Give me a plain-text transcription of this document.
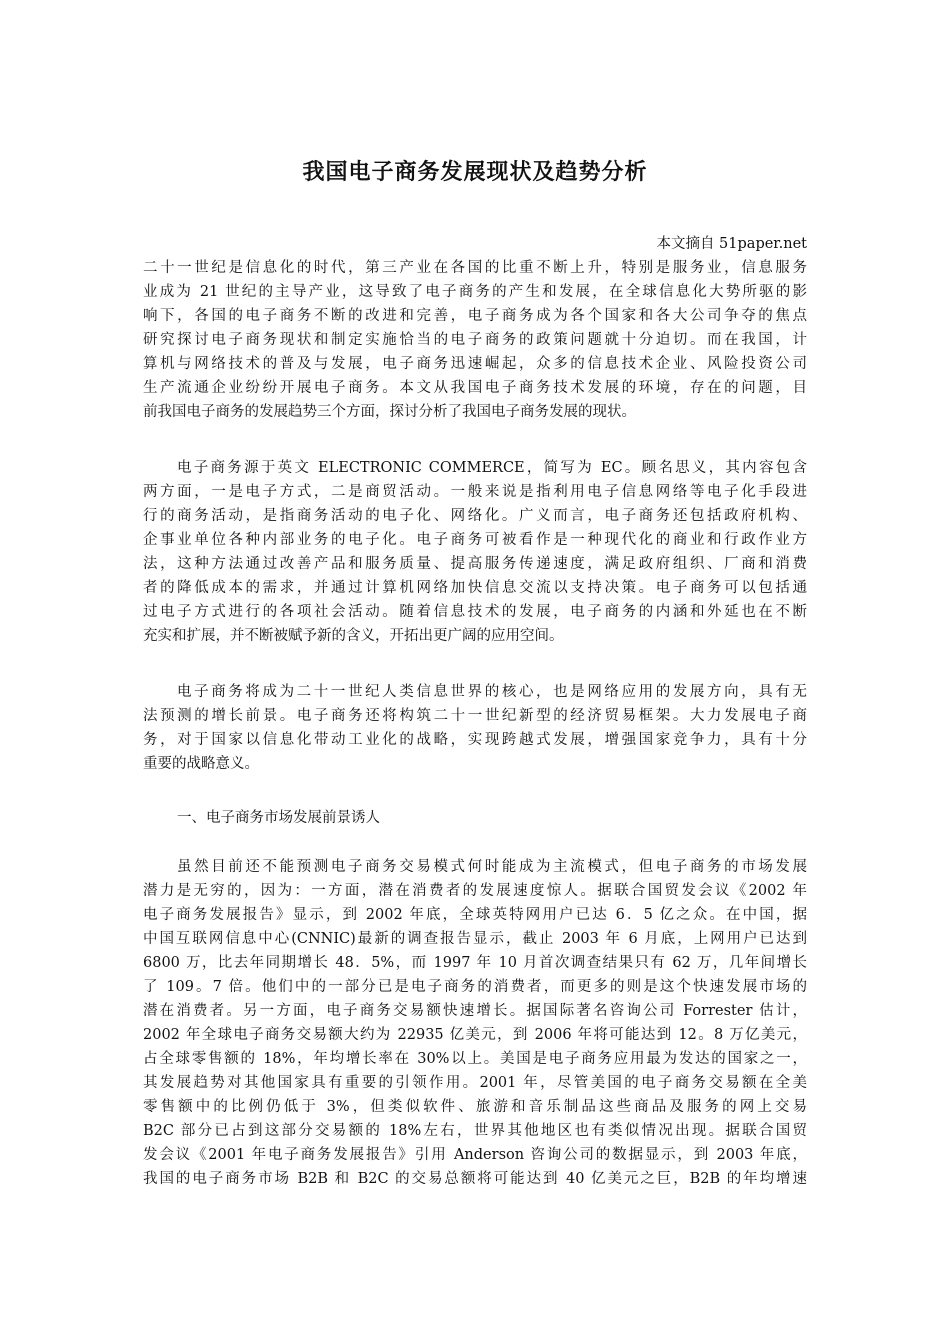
我国电子商务发展现状及趋势分析
本文摘自 51paper.net
二十一世纪是信息化的时代，第三产业在各国的比重不断上升，特别是服务业，信息服务
业成为 21 世纪的主导产业，这导致了电子商务的产生和发展，在全球信息化大势所驱的影
响下，各国的电子商务不断的改进和完善，电子商务成为各个国家和各大公司争夺的焦点
研究探讨电子商务现状和制定实施恰当的电子商务的政策问题就十分迫切。而在我国，计
算机与网络技术的普及与发展，电子商务迅速崛起，众多的信息技术企业、风险投资公司
生产流通企业纷纷开展电子商务。本文从我国电子商务技术发展的环境，存在的问题，目
前我国电子商务的发展趋势三个方面，探讨分析了我国电子商务发展的现状。
电子商务源于英文 ELECTRONIC COMMERCE，简写为 EC。顾名思义，其内容包含
两方面，一是电子方式，二是商贸活动。一般来说是指利用电子信息网络等电子化手段进
行的商务活动，是指商务活动的电子化、网络化。广义而言，电子商务还包括政府机构、
企事业单位各种内部业务的电子化。电子商务可被看作是一种现代化的商业和行政作业方
法，这种方法通过改善产品和服务质量、提高服务传递速度，满足政府组织、厂商和消费
者的降低成本的需求，并通过计算机网络加快信息交流以支持决策。电子商务可以包括通
过电子方式进行的各项社会活动。随着信息技术的发展，电子商务的内涵和外延也在不断
充实和扩展，并不断被赋予新的含义，开拓出更广阔的应用空间。
电子商务将成为二十一世纪人类信息世界的核心，也是网络应用的发展方向，具有无
法预测的增长前景。电子商务还将构筑二十一世纪新型的经济贸易框架。大力发展电子商
务，对于国家以信息化带动工业化的战略，实现跨越式发展，增强国家竞争力，具有十分
重要的战略意义。
一、电子商务市场发展前景诱人
虽然目前还不能预测电子商务交易模式何时能成为主流模式，但电子商务的市场发展
潜力是无穷的，因为：一方面，潜在消费者的发展速度惊人。据联合国贸发会议《2002 年
电子商务发展报告》显示，到 2002 年底，全球英特网用户已达 6．5 亿之众。在中国，据
中国互联网信息中心(CNNIC)最新的调查报告显示，截止 2003 年 6 月底，上网用户已达到
6800 万，比去年同期增长 48．5%，而 1997 年 10 月首次调查结果只有 62 万，几年间增长
了 109。7 倍。他们中的一部分已是电子商务的消费者，而更多的则是这个快速发展市场的
潜在消费者。另一方面，电子商务交易额快速增长。据国际著名咨询公司 Forrester 估计，
2002 年全球电子商务交易额大约为 22935 亿美元，到 2006 年将可能达到 12。8 万亿美元，
占全球零售额的 18%，年均增长率在 30%以上。美国是电子商务应用最为发达的国家之一，
其发展趋势对其他国家具有重要的引领作用。2001 年，尽管美国的电子商务交易额在全美
零售额中的比例仍低于 3%，但类似软件、旅游和音乐制品这些商品及服务的网上交易
B2C 部分已占到这部分交易额的 18%左右，世界其他地区也有类似情况出现。据联合国贸
发会议《2001 年电子商务发展报告》引用 Anderson 咨询公司的数据显示，到 2003 年底，
我国的电子商务市场 B2B 和 B2C 的交易总额将可能达到 40 亿美元之巨，B2B 的年均增速
